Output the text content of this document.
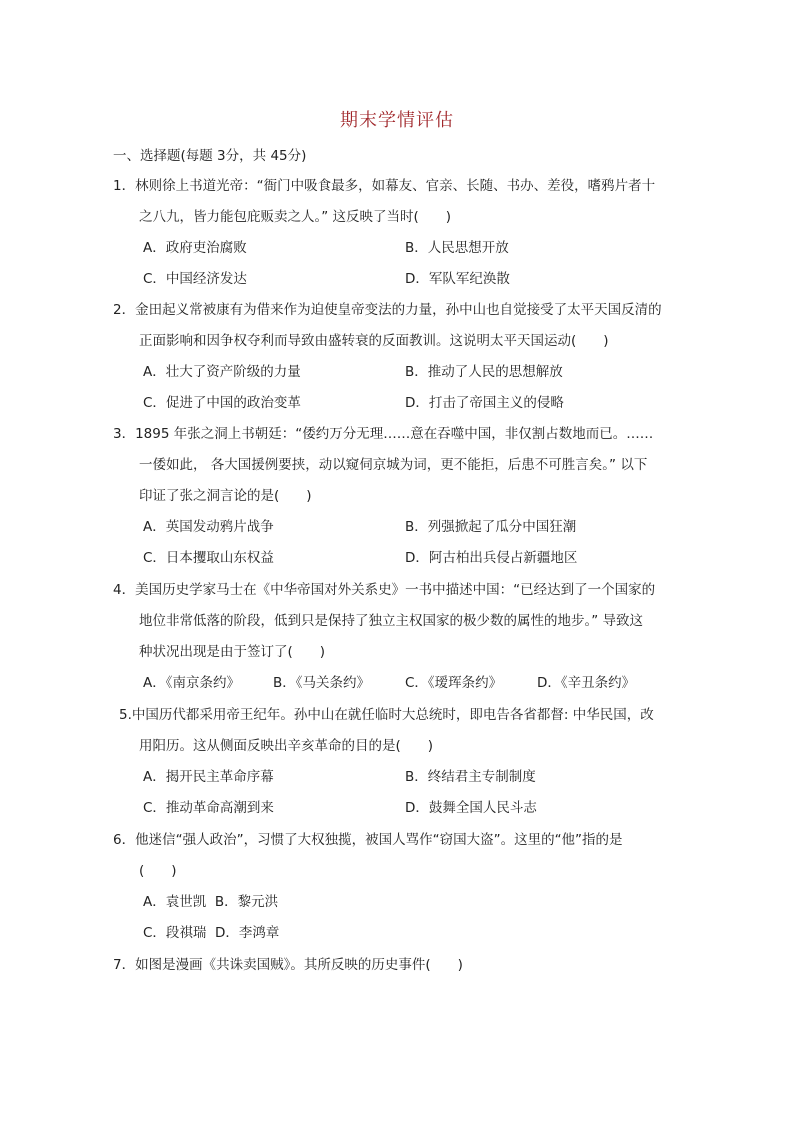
期末学情评估
一、选择题(每题 3分，共 45分)
1．林则徐上书道光帝：“衙门中吸食最多，如幕友、官亲、长随、书办、差役，嗜鸦片者十
之八九，皆力能包庇贩卖之人。” 这反映了当时(　　)
A．政府吏治腐败	B．人民思想开放
C．中国经济发达	D．军队军纪涣散
2．金田起义常被康有为借来作为迫使皇帝变法的力量，孙中山也自觉接受了太平天国反清的
正面影响和因争权夺利而导致由盛转衰的反面教训。这说明太平天国运动(　　)
A．壮大了资产阶级的力量	B．推动了人民的思想解放
C．促进了中国的政治变革	D．打击了帝国主义的侵略
3．1895 年张之洞上书朝廷：“倭约万分无理……意在吞噬中国，非仅割占数地而已。……
一倭如此， 各大国援例要挟，动以窥伺京城为词，更不能拒，后患不可胜言矣。” 以下
印证了张之洞言论的是(　　)
A．英国发动鸦片战争	B．列强掀起了瓜分中国狂潮
C．日本攫取山东权益	D．阿古柏出兵侵占新疆地区
4．美国历史学家马士在《中华帝国对外关系史》一书中描述中国：“已经达到了一个国家的
地位非常低落的阶段，低到只是保持了独立主权国家的极少数的属性的地步。” 导致这
种状况出现是由于签订了(　　)
A．《南京条约》 B．《马关条约》	C．《瑷珲条约》	D．《辛丑条约》
5.中国历代都采用帝王纪年。孙中山在就任临时大总统时，即电告各省都督: 中华民国，改
用阳历。这从侧面反映出辛亥革命的目的是(　　)
A．揭开民主革命序幕	B．终结君主专制制度
C．推动革命高潮到来	D．鼓舞全国人民斗志
6．他迷信“强人政治”，习惯了大权独揽，被国人骂作“窃国大盗”。这里的“他”指的是
(　　)
A．袁世凯 B．黎元洪
C．段祺瑞 D．李鸿章
7．如图是漫画《共诛卖国贼》。其所反映的历史事件(　　)
